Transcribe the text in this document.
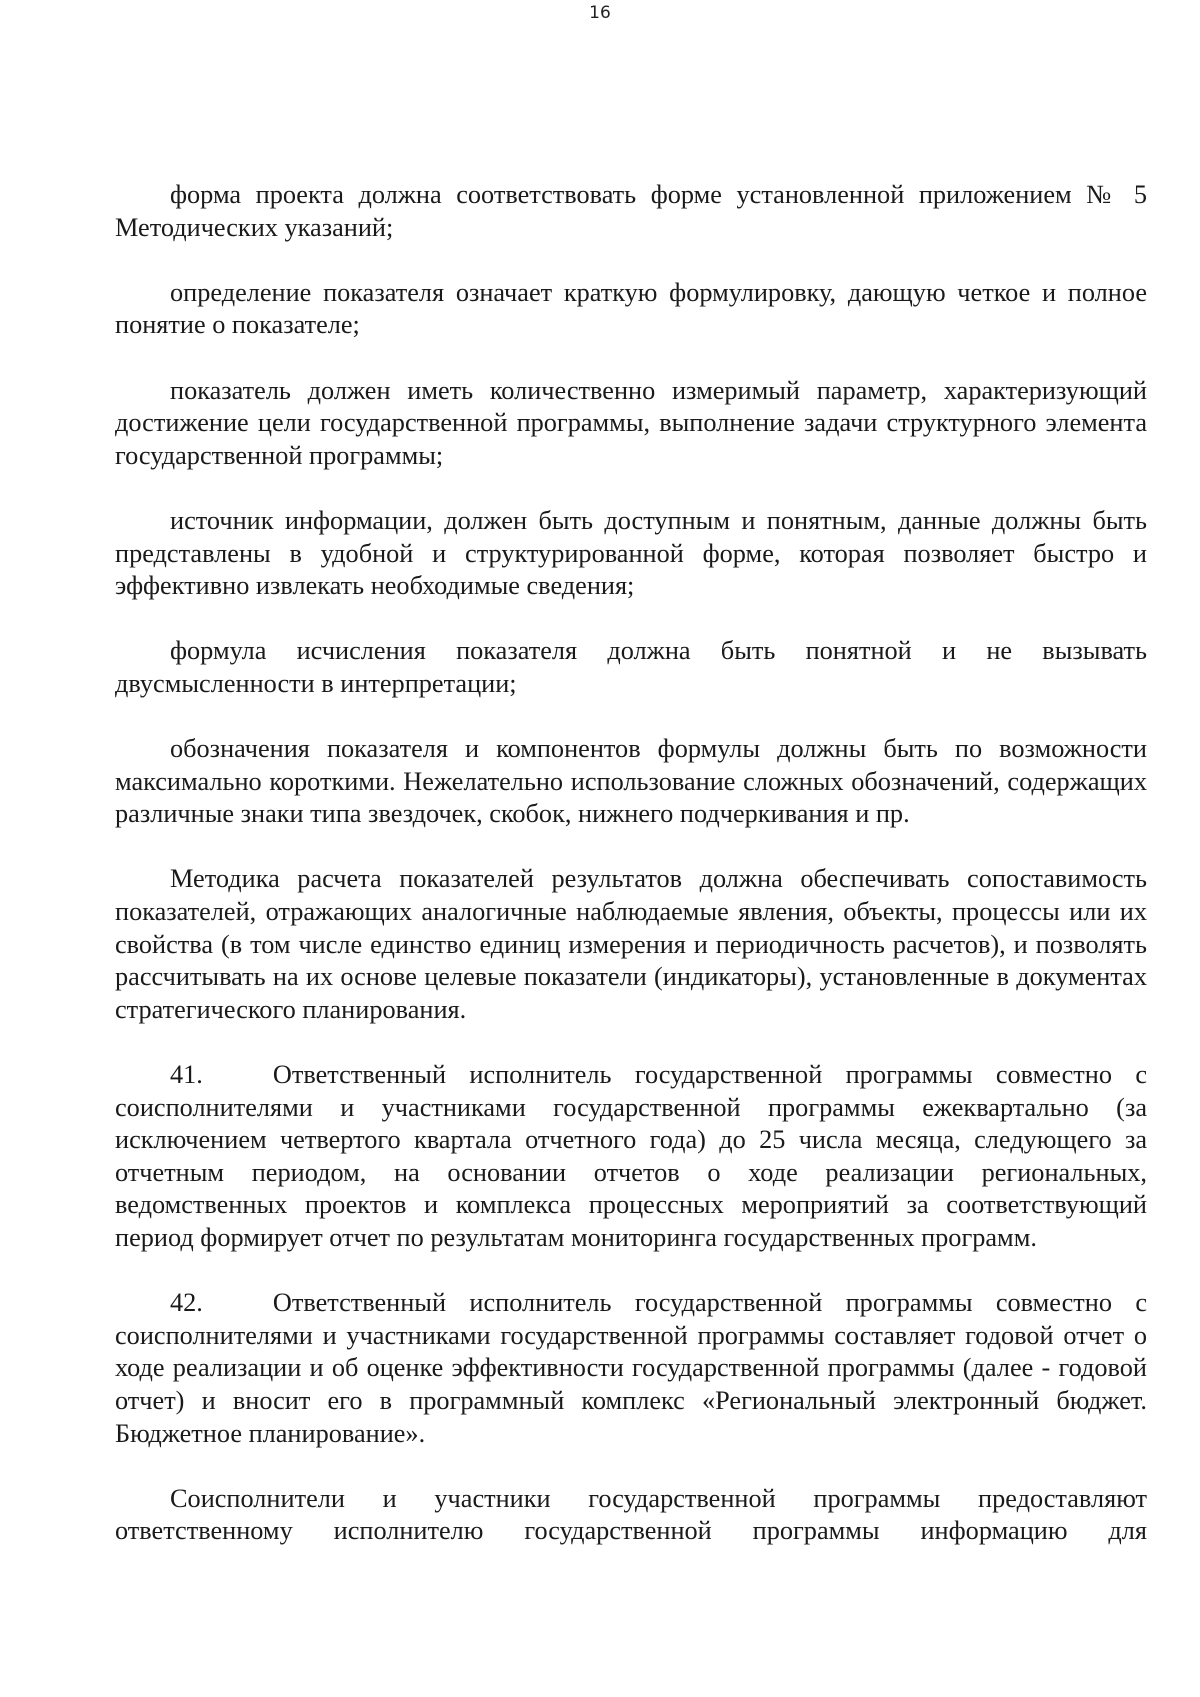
16

форма проекта должна соответствовать форме установленной приложением № 5 Методических указаний;

определение показателя означает краткую формулировку, дающую четкое и полное понятие о показателе;

показатель должен иметь количественно измеримый параметр, характеризующий достижение цели государственной программы, выполнение задачи структурного элемента государственной программы;

источник информации, должен быть доступным и понятным, данные должны быть представлены в удобной и структурированной форме, которая позволяет быстро и эффективно извлекать необходимые сведения;

формула исчисления показателя должна быть понятной и не вызывать двусмысленности в интерпретации;

обозначения показателя и компонентов формулы должны быть по возможности максимально короткими. Нежелательно использование сложных обозначений, содержащих различные знаки типа звездочек, скобок, нижнего подчеркивания и пр.

Методика расчета показателей результатов должна обеспечивать сопоставимость показателей, отражающих аналогичные наблюдаемые явления, объекты, процессы или их свойства (в том числе единство единиц измерения и периодичность расчетов), и позволять рассчитывать на их основе целевые показатели (индикаторы), установленные в документах стратегического планирования.

41.   Ответственный исполнитель государственной программы совместно с соисполнителями и участниками государственной программы ежеквартально (за исключением четвертого квартала отчетного года) до 25 числа месяца, следующего за отчетным периодом, на основании отчетов о ходе реализации региональных, ведомственных проектов и комплекса процессных мероприятий за соответствующий период формирует отчет по результатам мониторинга государственных программ.

42.   Ответственный исполнитель государственной программы совместно с соисполнителями и участниками государственной программы составляет годовой отчет о ходе реализации и об оценке эффективности государственной программы (далее - годовой отчет) и вносит его в программный комплекс «Региональный электронный бюджет. Бюджетное планирование».

Соисполнители и участники государственной программы предоставляют ответственному исполнителю государственной программы информацию для
